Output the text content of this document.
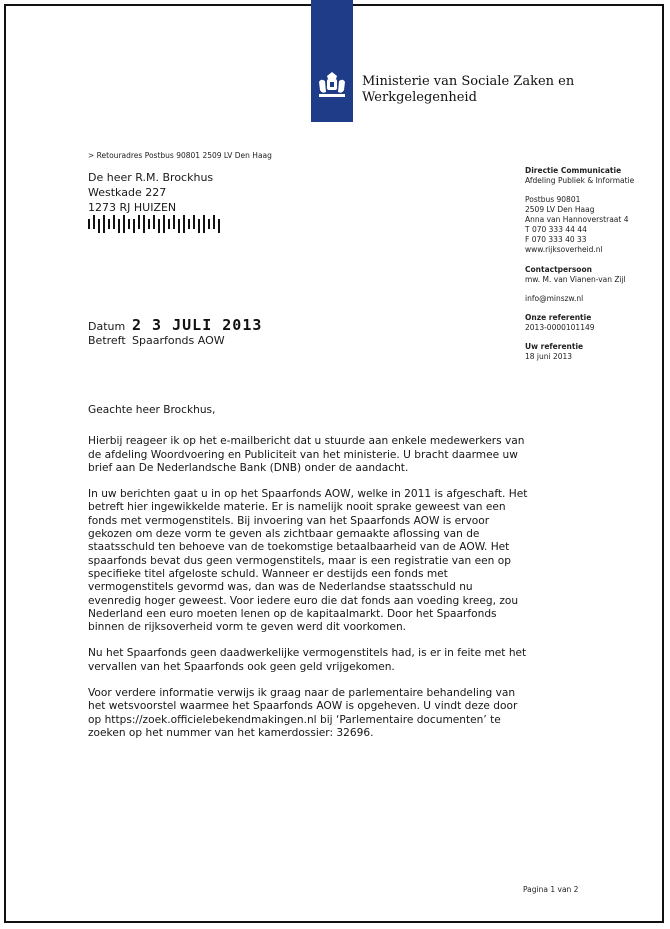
Ministerie van Sociale Zaken en
Werkgelegenheid
> Retouradres Postbus 90801 2509 LV Den Haag
De heer R.M. Brockhus
Westkade 227
1273 RJ HUIZEN
Directie Communicatie
Afdeling Publiek & Informatie
Postbus 90801
2509 LV Den Haag
Anna van Hannoverstraat 4
T 070 333 44 44
F 070 333 40 33
www.rijksoverheid.nl
Contactpersoon
mw. M. van Vianen-van Zijl
info@minszw.nl
Onze referentie
2013-0000101149
Uw referentie
18 juni 2013
Datum 2 3 JULI 2013
Betreft Spaarfonds AOW

Geachte heer Brockhus,

Hierbij reageer ik op het e-mailbericht dat u stuurde aan enkele medewerkers van de afdeling Woordvoering en Publiciteit van het ministerie. U bracht daarmee uw brief aan De Nederlandsche Bank (DNB) onder de aandacht.

In uw berichten gaat u in op het Spaarfonds AOW, welke in 2011 is afgeschaft. Het betreft hier ingewikkelde materie. Er is namelijk nooit sprake geweest van een fonds met vermogenstitels. Bij invoering van het Spaarfonds AOW is ervoor gekozen om deze vorm te geven als zichtbaar gemaakte aflossing van de staatsschuld ten behoeve van de toekomstige betaalbaarheid van de AOW. Het spaarfonds bevat dus geen vermogenstitels, maar is een registratie van een op specifieke titel afgeloste schuld. Wanneer er destijds een fonds met vermogenstitels gevormd was, dan was de Nederlandse staatsschuld nu evenredig hoger geweest. Voor iedere euro die dat fonds aan voeding kreeg, zou Nederland een euro moeten lenen op de kapitaalmarkt. Door het Spaarfonds binnen de rijksoverheid vorm te geven werd dit voorkomen.

Nu het Spaarfonds geen daadwerkelijke vermogenstitels had, is er in feite met het vervallen van het Spaarfonds ook geen geld vrijgekomen.

Voor verdere informatie verwijs ik graag naar de parlementaire behandeling van het wetsvoorstel waarmee het Spaarfonds AOW is opgeheven. U vindt deze door op https://zoek.officielebekendmakingen.nl bij ‘Parlementaire documenten’ te zoeken op het nummer van het kamerdossier: 32696.

Pagina 1 van 2
